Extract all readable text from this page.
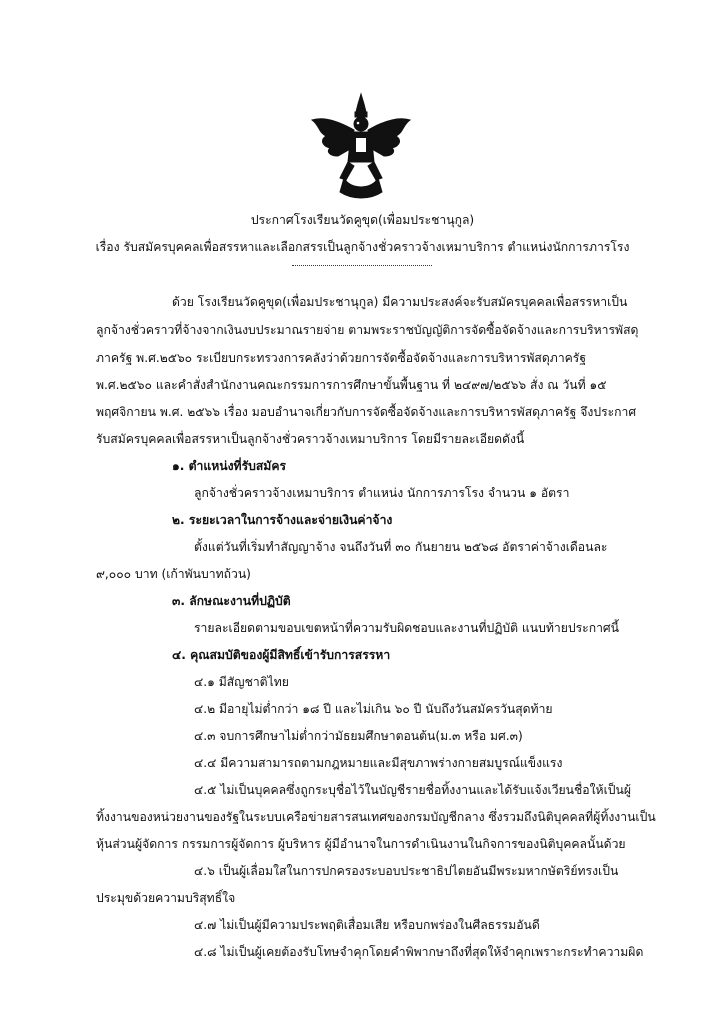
ประกาศโรงเรียนวัดคูขุด(เพื่อมประชานุกูล)
เรื่อง รับสมัครบุคคลเพื่อสรรหาและเลือกสรรเป็นลูกจ้างชั่วคราวจ้างเหมาบริการ ตำแหน่งนักการภารโรง
ด้วย โรงเรียนวัดคูขุด(เพื่อมประชานุกูล) มีความประสงค์จะรับสมัครบุคคลเพื่อสรรหาเป็น
ลูกจ้างชั่วคราวที่จ้างจากเงินงบประมาณรายจ่าย ตามพระราชบัญญัติการจัดซื้อจัดจ้างและการบริหารพัสดุ
ภาครัฐ พ.ศ.๒๕๖๐ ระเบียบกระทรวงการคลังว่าด้วยการจัดซื้อจัดจ้างและการบริหารพัสดุภาครัฐ
พ.ศ.๒๕๖๐ และคำสั่งสำนักงานคณะกรรมการการศึกษาขั้นพื้นฐาน ที่ ๒๔๙๗/๒๕๖๖ สั่ง ณ วันที่ ๑๕
พฤศจิกายน พ.ศ. ๒๕๖๖ เรื่อง มอบอำนาจเกี่ยวกับการจัดซื้อจัดจ้างและการบริหารพัสดุภาครัฐ จึงประกาศ
รับสมัครบุคคลเพื่อสรรหาเป็นลูกจ้างชั่วคราวจ้างเหมาบริการ โดยมีรายละเอียดดังนี้
๑. ตำแหน่งที่รับสมัคร
ลูกจ้างชั่วคราวจ้างเหมาบริการ ตำแหน่ง นักการภารโรง จำนวน ๑ อัตรา
๒. ระยะเวลาในการจ้างและจ่ายเงินค่าจ้าง
ตั้งแต่วันที่เริ่มทำสัญญาจ้าง จนถึงวันที่ ๓๐ กันยายน ๒๕๖๘ อัตราค่าจ้างเดือนละ
๙,๐๐๐ บาท (เก้าพันบาทถ้วน)
๓. ลักษณะงานที่ปฏิบัติ
รายละเอียดตามขอบเขตหน้าที่ความรับผิดชอบและงานที่ปฏิบัติ แนบท้ายประกาศนี้
๔. คุณสมบัติของผู้มีสิทธิ์เข้ารับการสรรหา
๔.๑ มีสัญชาติไทย
๔.๒ มีอายุไม่ต่ำกว่า ๑๘ ปี และไม่เกิน ๖๐ ปี นับถึงวันสมัครวันสุดท้าย
๔.๓ จบการศึกษาไม่ต่ำกว่ามัธยมศึกษาตอนต้น(ม.๓ หรือ มศ.๓)
๔.๔ มีความสามารถตามกฎหมายและมีสุขภาพร่างกายสมบูรณ์แข็งแรง
๔.๕ ไม่เป็นบุคคลซึ่งถูกระบุชื่อไว้ในบัญชีรายชื่อทิ้งงานและได้รับแจ้งเวียนชื่อให้เป็นผู้
ทิ้งงานของหน่วยงานของรัฐในระบบเครือข่ายสารสนเทศของกรมบัญชีกลาง ซึ่งรวมถึงนิติบุคคลที่ผู้ทิ้งงานเป็น
หุ้นส่วนผู้จัดการ กรรมการผู้จัดการ ผู้บริหาร ผู้มีอำนาจในการดำเนินงานในกิจการของนิติบุคคลนั้นด้วย
๔.๖ เป็นผู้เลื่อมใสในการปกครองระบอบประชาธิปไตยอันมีพระมหากษัตริย์ทรงเป็น
ประมุขด้วยความบริสุทธิ์ใจ
๔.๗ ไม่เป็นผู้มีความประพฤติเสื่อมเสีย หรือบกพร่องในศีลธรรมอันดี
๔.๘ ไม่เป็นผู้เคยต้องรับโทษจำคุกโดยคำพิพากษาถึงที่สุดให้จำคุกเพราะกระทำความผิด
